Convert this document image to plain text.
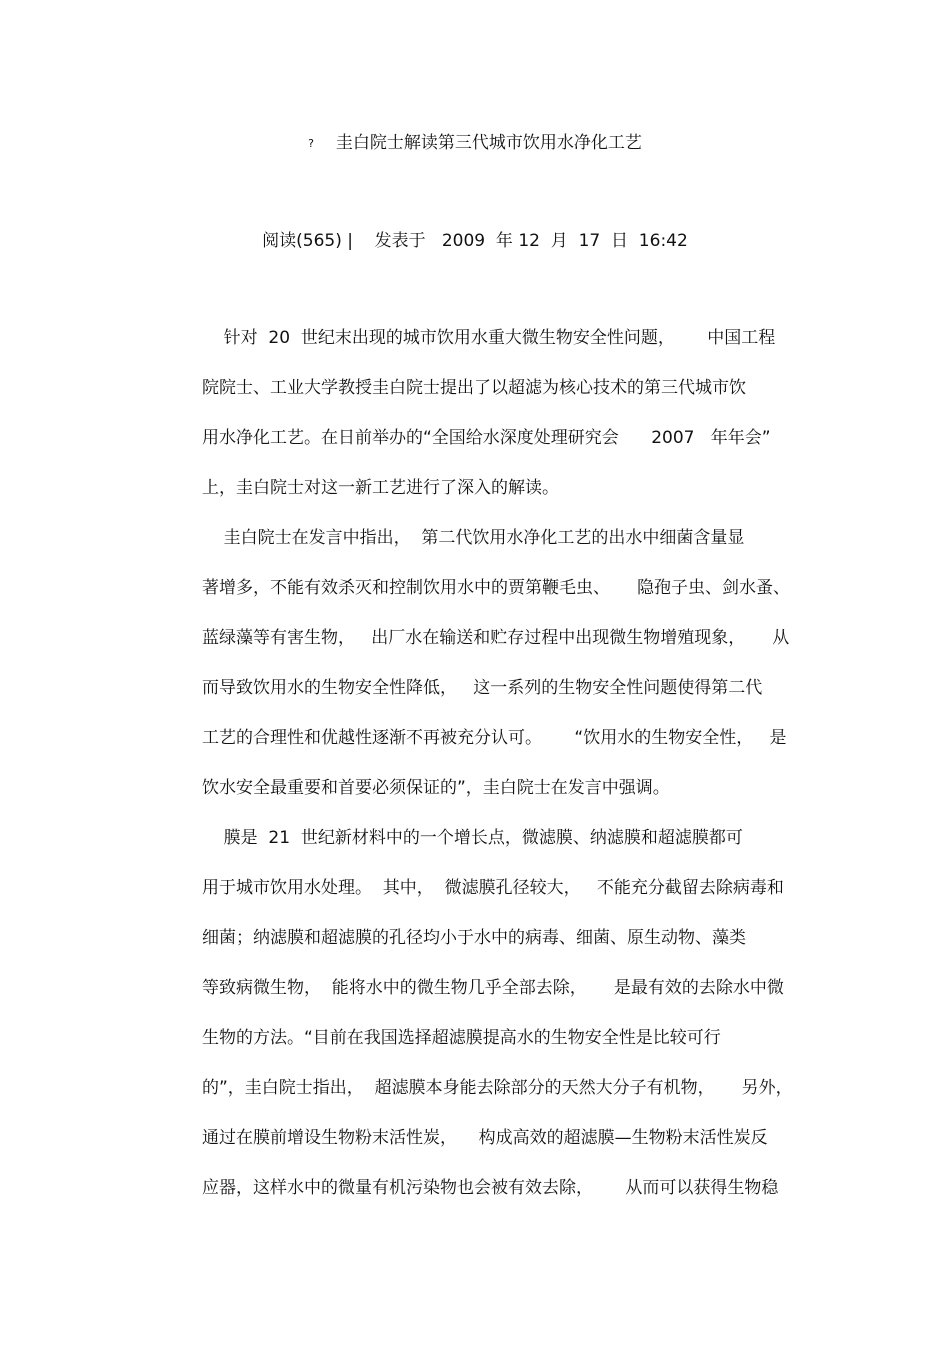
? 圭白院士解读第三代城市饮用水净化工艺
阅读(565) |    发表于   2009  年 12  月  17  日  16:42
针对  20  世纪末出现的城市饮用水重大微生物安全性问题，      中国工程
院院士、工业大学教授圭白院士提出了以超滤为核心技术的第三代城市饮
用水净化工艺。在日前举办的“全国给水深度处理研究会      2007   年年会”
上，圭白院士对这一新工艺进行了深入的解读。
圭白院士在发言中指出，  第二代饮用水净化工艺的出水中细菌含量显
著增多，不能有效杀灭和控制饮用水中的贾第鞭毛虫、     隐孢子虫、剑水蚤、
蓝绿藻等有害生物，   出厂水在输送和贮存过程中出现微生物增殖现象，     从
而导致饮用水的生物安全性降低，   这一系列的生物安全性问题使得第二代
工艺的合理性和优越性逐渐不再被充分认可。      “饮用水的生物安全性，   是
饮水安全最重要和首要必须保证的”，圭白院士在发言中强调。
膜是  21  世纪新材料中的一个增长点，微滤膜、纳滤膜和超滤膜都可
用于城市饮用水处理。  其中，  微滤膜孔径较大，   不能充分截留去除病毒和
细菌；纳滤膜和超滤膜的孔径均小于水中的病毒、细菌、原生动物、藻类
等致病微生物，  能将水中的微生物几乎全部去除，     是最有效的去除水中微
生物的方法。“目前在我国选择超滤膜提高水的生物安全性是比较可行
的”，圭白院士指出，  超滤膜本身能去除部分的天然大分子有机物，     另外，
通过在膜前增设生物粉末活性炭，    构成高效的超滤膜—生物粉末活性炭反
应器，这样水中的微量有机污染物也会被有效去除，      从而可以获得生物稳
